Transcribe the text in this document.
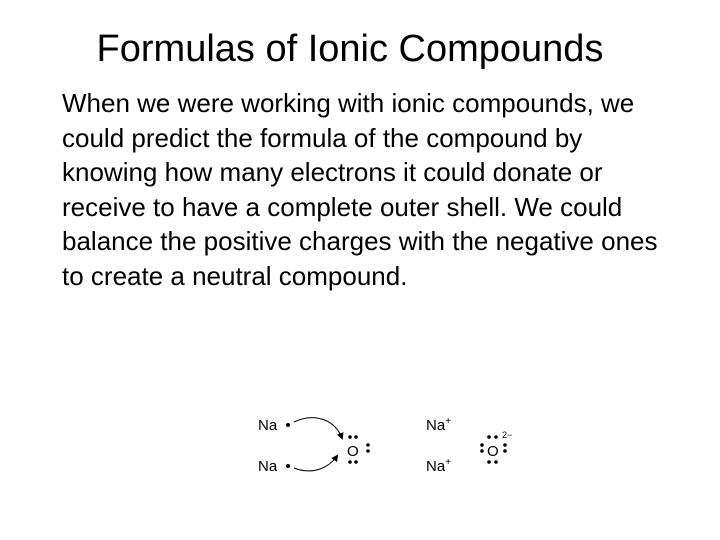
Formulas of Ionic Compounds
When we were working with ionic compounds, we could predict the formula of the compound by knowing how many electrons it could donate or receive to have a complete outer shell. We could balance the positive charges with the negative ones to create a neutral compound.
Na
Na
O
Na+
Na+
O
2−
